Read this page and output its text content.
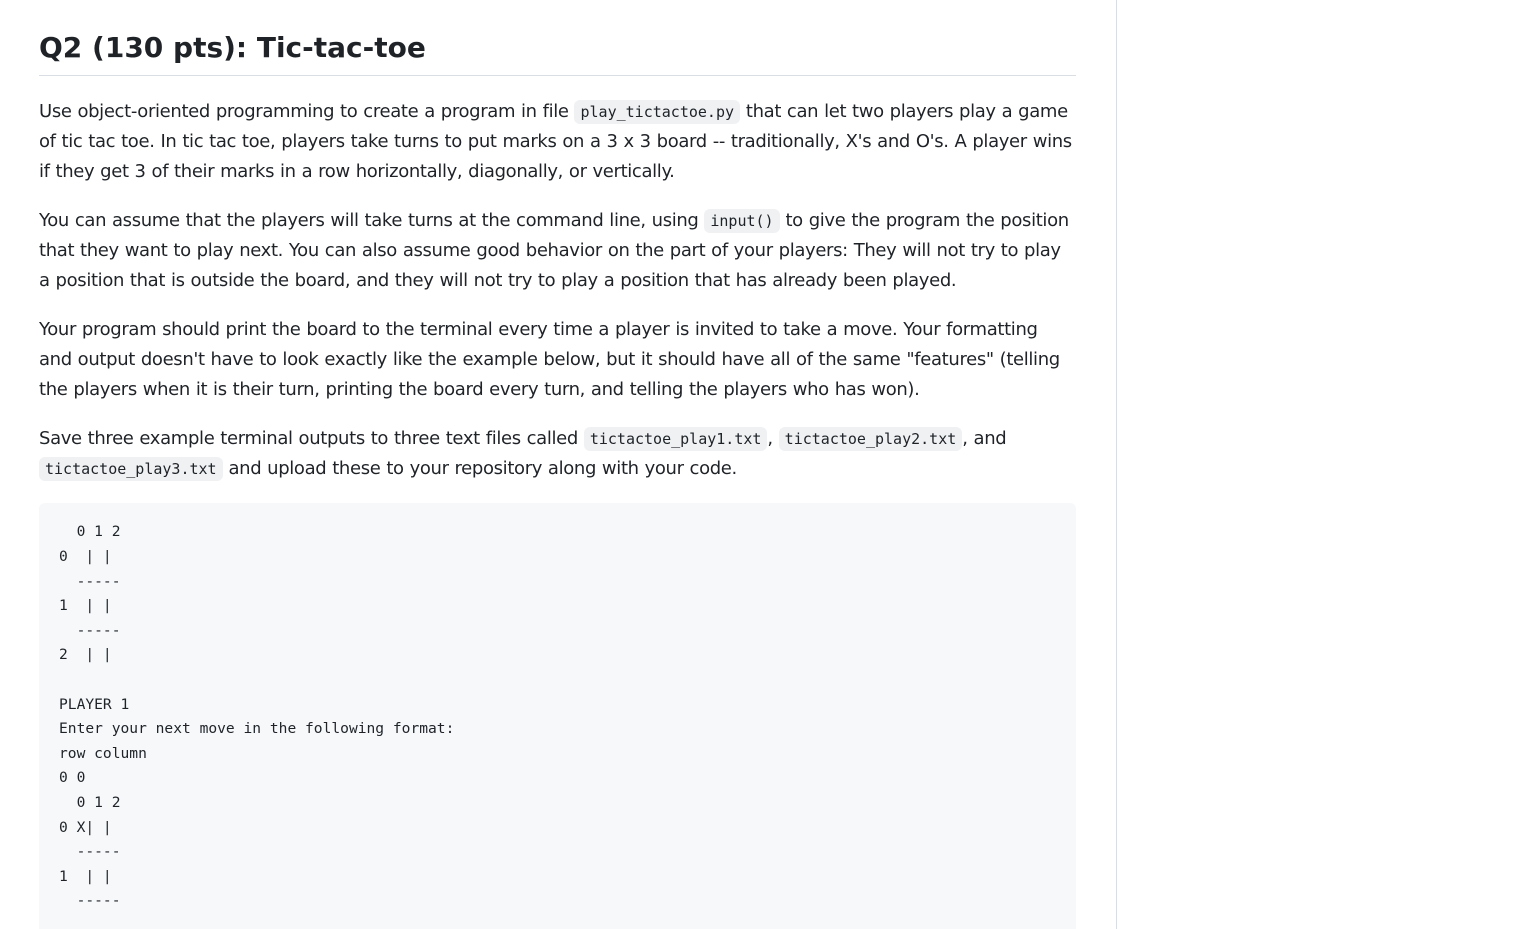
Q2 (130 pts): Tic-tac-toe

Use object-oriented programming to create a program in file play_tictactoe.py that can let two players play a game of tic tac toe. In tic tac toe, players take turns to put marks on a 3 x 3 board -- traditionally, X's and O's. A player wins if they get 3 of their marks in a row horizontally, diagonally, or vertically.

You can assume that the players will take turns at the command line, using input() to give the program the position that they want to play next. You can also assume good behavior on the part of your players: They will not try to play a position that is outside the board, and they will not try to play a position that has already been played.

Your program should print the board to the terminal every time a player is invited to take a move. Your formatting and output doesn't have to look exactly like the example below, but it should have all of the same "features" (telling the players when it is their turn, printing the board every turn, and telling the players who has won).

Save three example terminal outputs to three text files called tictactoe_play1.txt , tictactoe_play2.txt , and tictactoe_play3.txt and upload these to your repository along with your code.

0 1 2
0  | |
-----
1  | |
-----
2  | |

PLAYER 1
Enter your next move in the following format:
row column
0 0
0 1 2
0 X| |
-----
1  | |
-----
